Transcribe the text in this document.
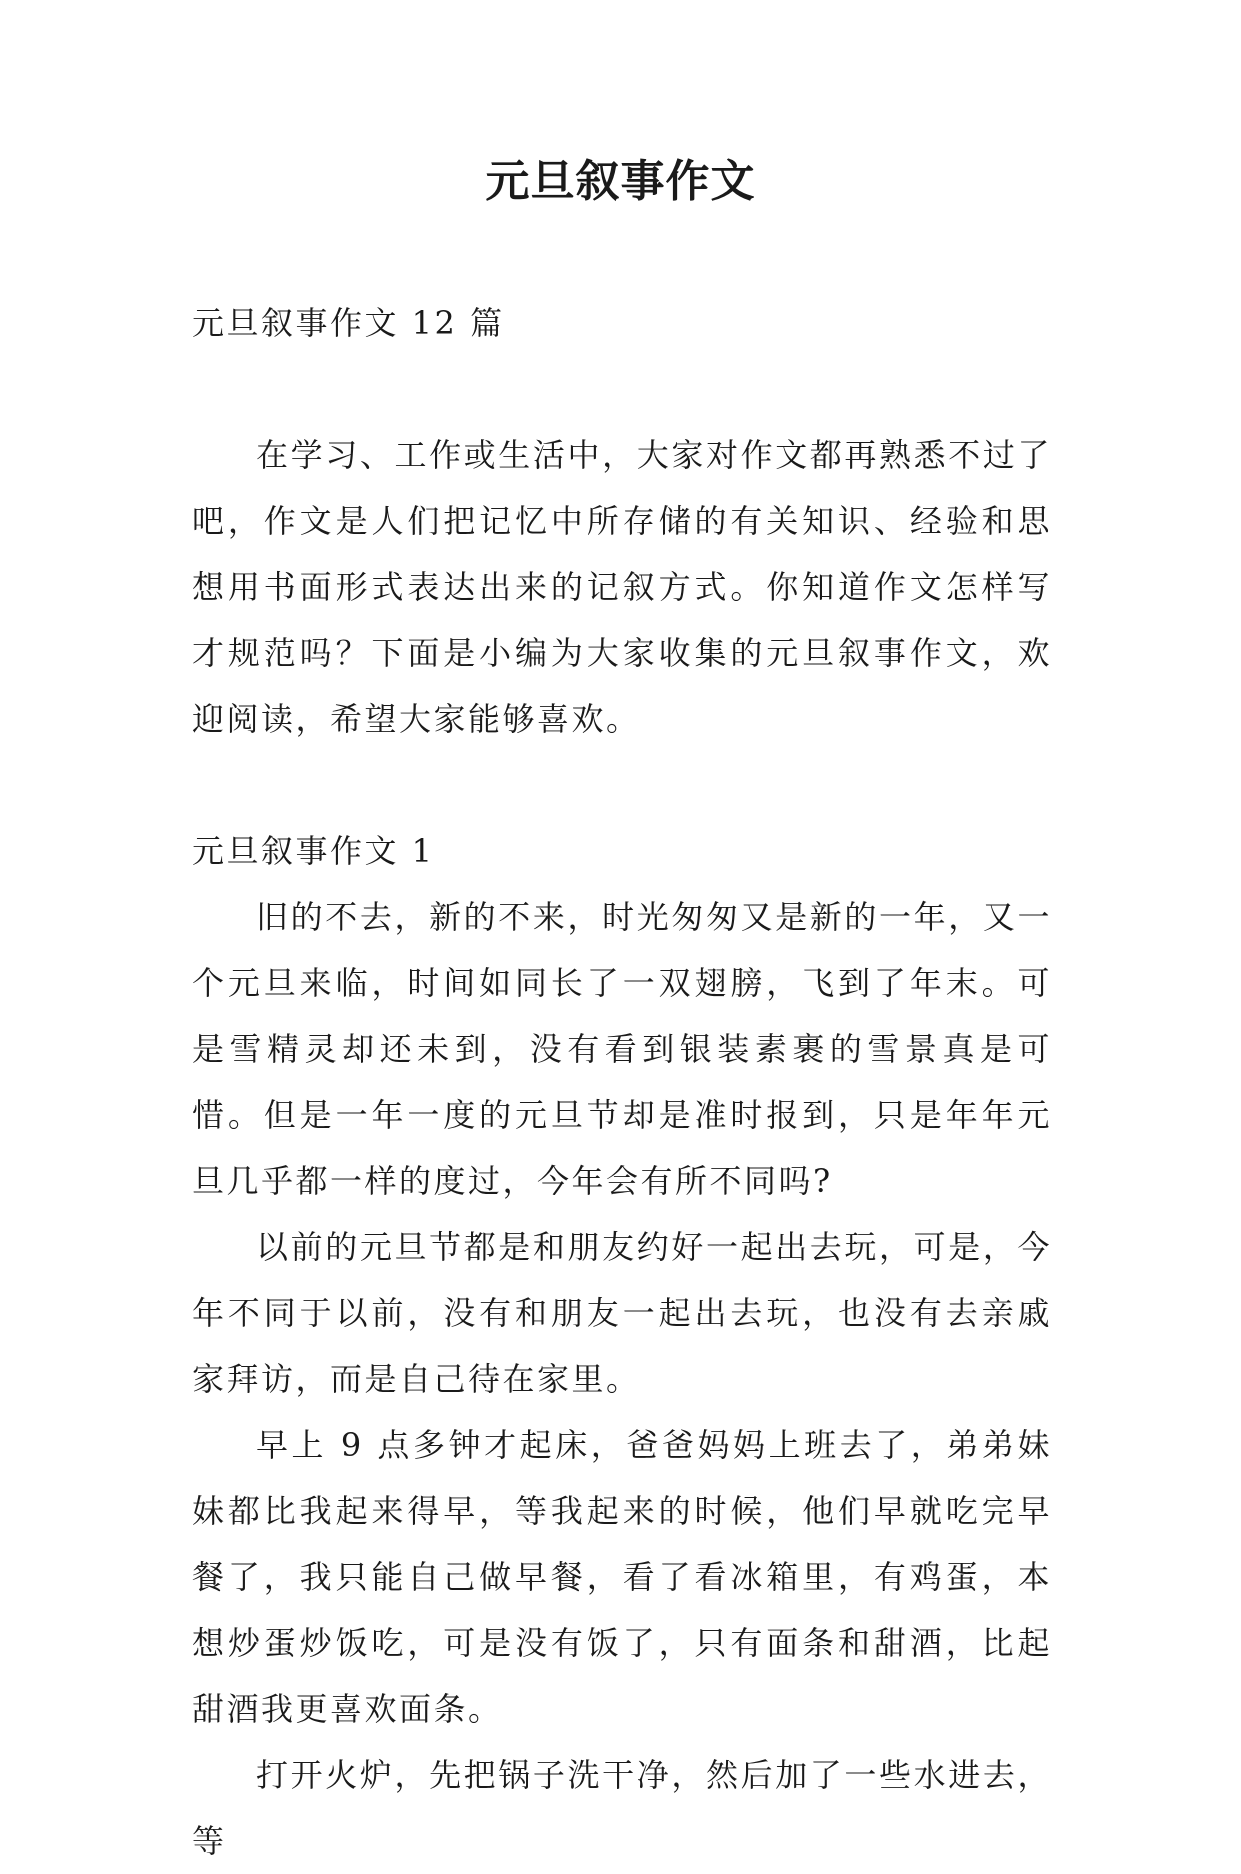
元旦叙事作文

元旦叙事作文 12 篇

在学习、工作或生活中，大家对作文都再熟悉不过了吧，作文是人们把记忆中所存储的有关知识、经验和思想用书面形式表达出来的记叙方式。你知道作文怎样写才规范吗？下面是小编为大家收集的元旦叙事作文，欢迎阅读，希望大家能够喜欢。

元旦叙事作文 1

旧的不去，新的不来，时光匆匆又是新的一年，又一个元旦来临，时间如同长了一双翅膀，飞到了年末。可是雪精灵却还未到，没有看到银装素裹的雪景真是可惜。但是一年一度的元旦节却是准时报到，只是年年元旦几乎都一样的度过，今年会有所不同吗?

以前的元旦节都是和朋友约好一起出去玩，可是，今年不同于以前，没有和朋友一起出去玩，也没有去亲戚家拜访，而是自己待在家里。

早上 9 点多钟才起床，爸爸妈妈上班去了，弟弟妹妹都比我起来得早，等我起来的时候，他们早就吃完早餐了，我只能自己做早餐，看了看冰箱里，有鸡蛋，本想炒蛋炒饭吃，可是没有饭了，只有面条和甜酒，比起甜酒我更喜欢面条。

打开火炉，先把锅子洗干净，然后加了一些水进去，等
